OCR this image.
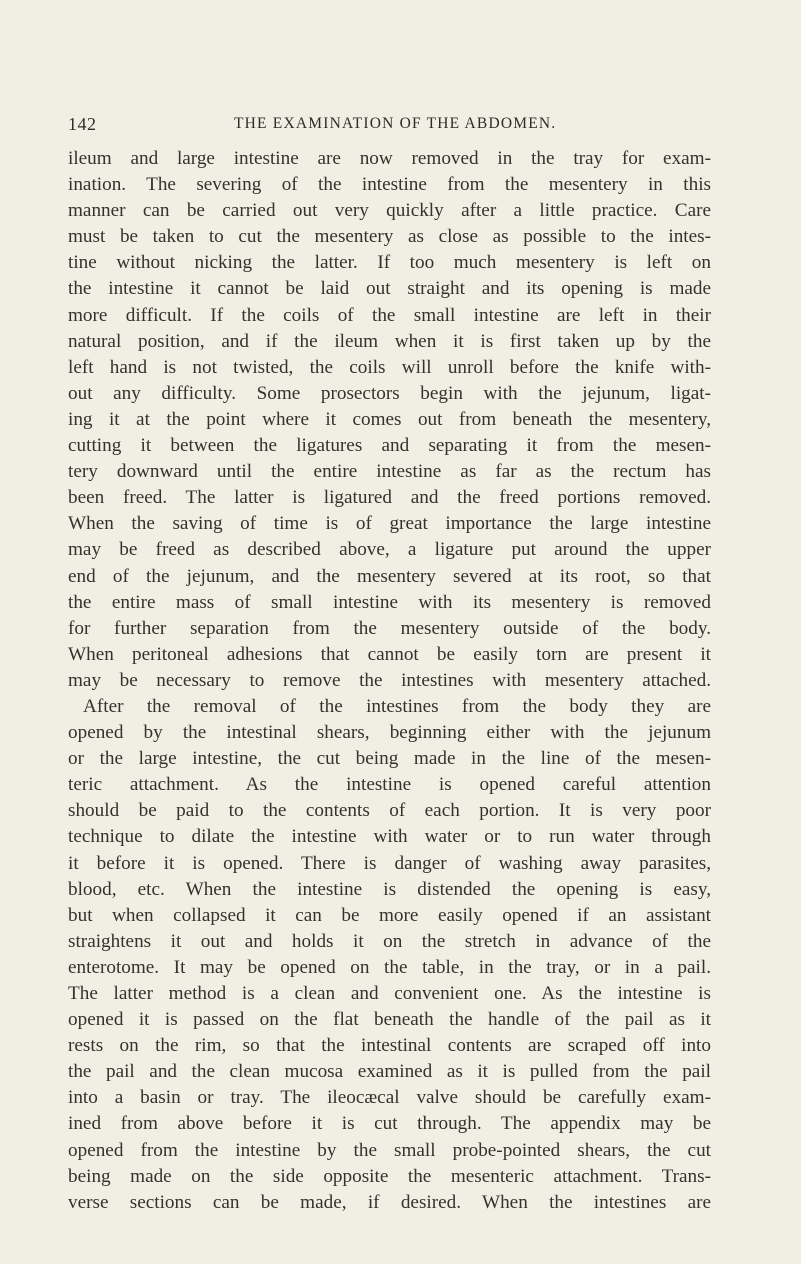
142	THE EXAMINATION OF THE ABDOMEN.
ileum and large intestine are now removed in the tray for exam-
ination. The severing of the intestine from the mesentery in this
manner can be carried out very quickly after a little practice. Care
must be taken to cut the mesentery as close as possible to the intes-
tine without nicking the latter. If too much mesentery is left on
the intestine it cannot be laid out straight and its opening is made
more difficult. If the coils of the small intestine are left in their
natural position, and if the ileum when it is first taken up by the
left hand is not twisted, the coils will unroll before the knife with-
out any difficulty. Some prosectors begin with the jejunum, ligat-
ing it at the point where it comes out from beneath the mesentery,
cutting it between the ligatures and separating it from the mesen-
tery downward until the entire intestine as far as the rectum has
been freed. The latter is ligatured and the freed portions removed.
When the saving of time is of great importance the large intestine
may be freed as described above, a ligature put around the upper
end of the jejunum, and the mesentery severed at its root, so that
the entire mass of small intestine with its mesentery is removed
for further separation from the mesentery outside of the body.
When peritoneal adhesions that cannot be easily torn are present it
may be necessary to remove the intestines with mesentery attached.
After the removal of the intestines from the body they are
opened by the intestinal shears, beginning either with the jejunum
or the large intestine, the cut being made in the line of the mesen-
teric attachment. As the intestine is opened careful attention
should be paid to the contents of each portion. It is very poor
technique to dilate the intestine with water or to run water through
it before it is opened. There is danger of washing away parasites,
blood, etc. When the intestine is distended the opening is easy,
but when collapsed it can be more easily opened if an assistant
straightens it out and holds it on the stretch in advance of the
enterotome. It may be opened on the table, in the tray, or in a pail.
The latter method is a clean and convenient one. As the intestine is
opened it is passed on the flat beneath the handle of the pail as it
rests on the rim, so that the intestinal contents are scraped off into
the pail and the clean mucosa examined as it is pulled from the pail
into a basin or tray. The ileocæcal valve should be carefully exam-
ined from above before it is cut through. The appendix may be
opened from the intestine by the small probe-pointed shears, the cut
being made on the side opposite the mesenteric attachment. Trans-
verse sections can be made, if desired. When the intestines are
